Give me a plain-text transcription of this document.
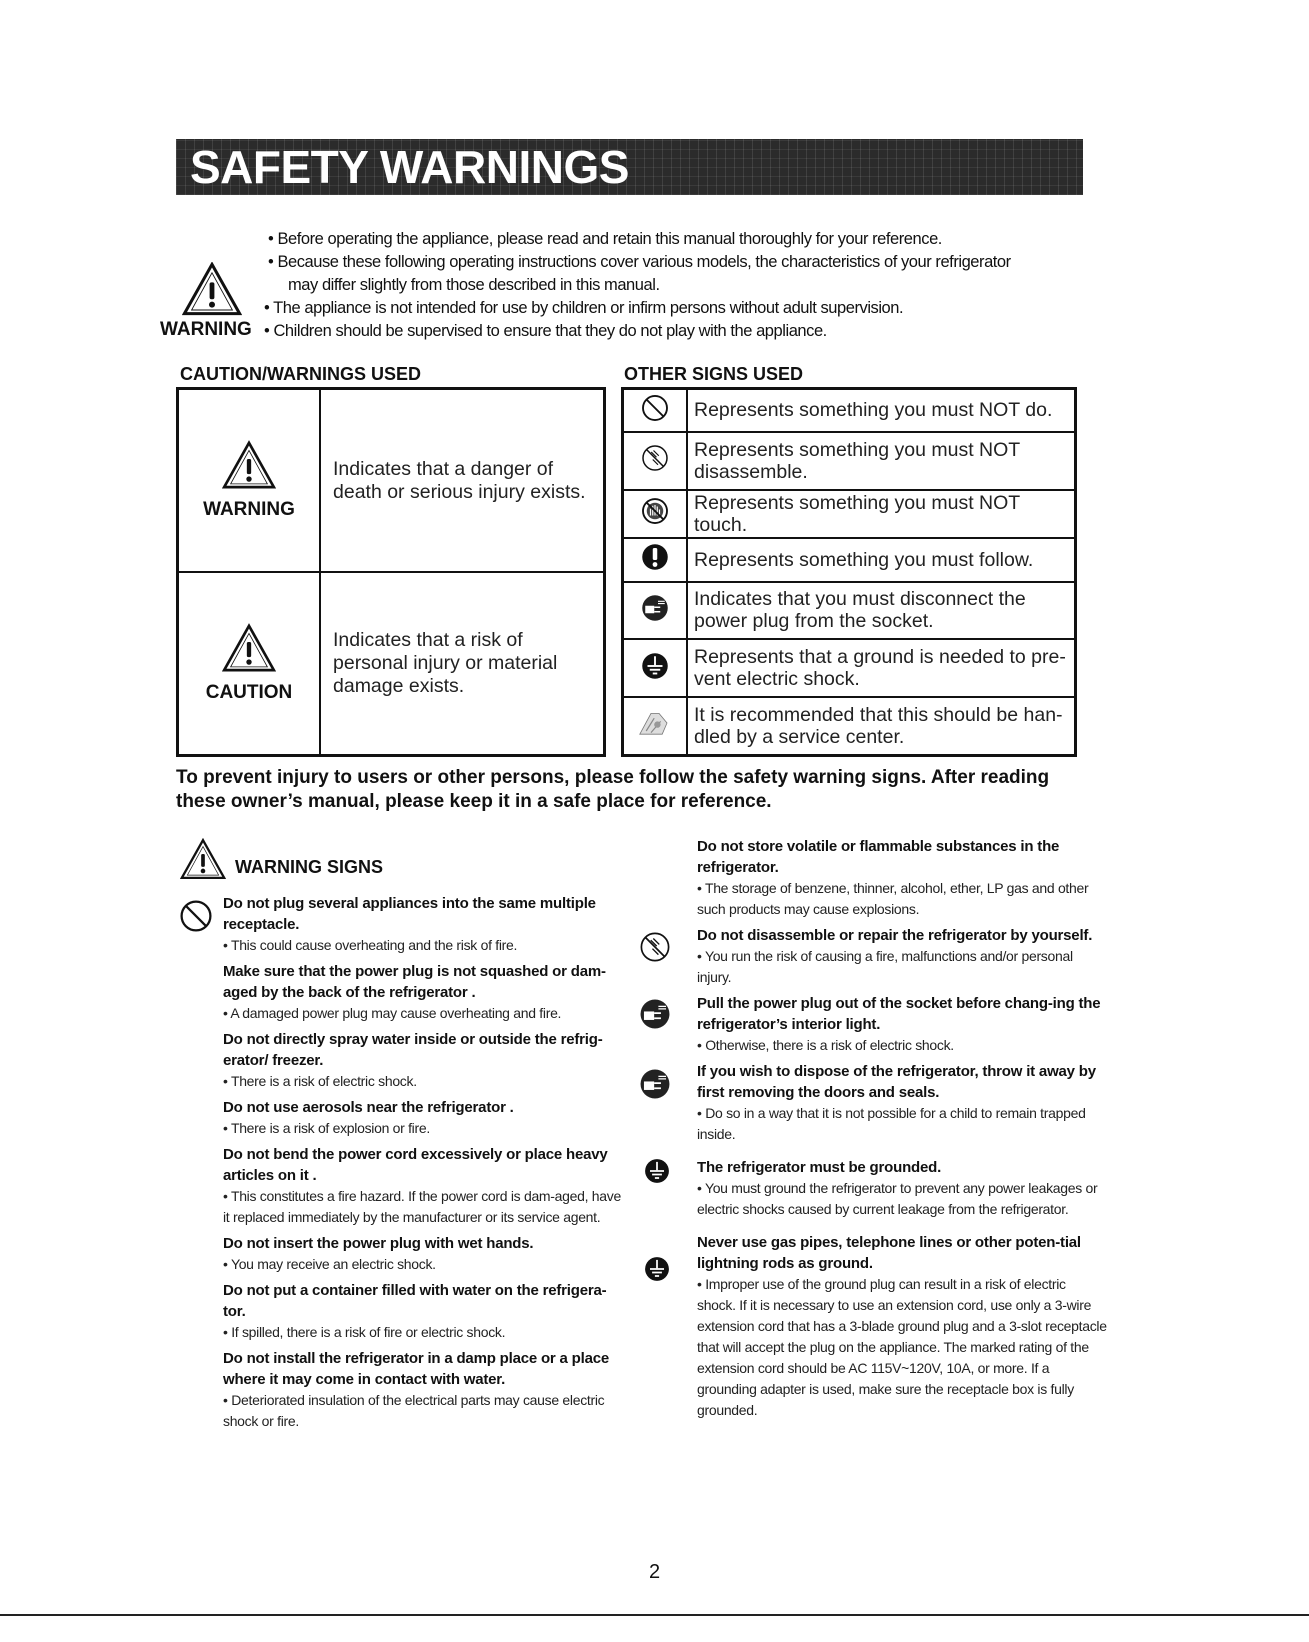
SAFETY WARNINGS
WARNING
• Before operating the appliance, please read and retain this manual thoroughly for your reference.
• Because these following operating instructions cover various models, the characteristics of your refrigerator
may differ slightly from those described in this manual.
• The appliance is not intended for use by children or infirm persons without adult supervision.
• Children should be supervised to ensure that they do not play with the appliance.
CAUTION/WARNINGS USED	OTHER SIGNS USED
WARNING	Indicates that a danger of death or serious injury exists.

CAUTION	Indicates that a risk of personal injury or material damage exists.
	Represents something you must NOT do.
	Represents something you must NOT disassemble.
	Represents something you must NOT touch.
	Represents something you must follow.
	Indicates that you must disconnect the power plug from the socket.
	Represents that a ground is needed to pre-vent electric shock.
	It is recommended that this should be han-dled by a service center.
To prevent injury to users or other persons, please follow the safety warning signs. After reading these owner’s manual, please keep it in a safe place for reference.
WARNING SIGNS
Do not plug several appliances into the same multiple receptacle.
• This could cause overheating and the risk of fire.
Make sure that the power plug is not squashed or dam-aged by the back of the refrigerator .
• A damaged power plug may cause overheating and fire.
Do not directly spray water inside or outside the refrig-erator/ freezer.
• There is a risk of electric shock.
Do not use aerosols near the refrigerator .
• There is a risk of explosion or fire.
Do not bend the power cord excessively or place heavy articles on it .
• This constitutes a fire hazard. If the power cord is dam-aged, have it replaced immediately by the manufacturer or its service agent.
Do not insert the power plug with wet hands.
• You may receive an electric shock.
Do not put a container filled with water on the refrigera-tor.
• If spilled, there is a risk of fire or electric shock.
Do not install the refrigerator in a damp place or a place where it may come in contact with water.
• Deteriorated insulation of the electrical parts may cause electric shock or fire.
Do not store volatile or flammable substances in the refrigerator.
• The storage of benzene, thinner, alcohol, ether, LP gas and other such products may cause explosions.
Do not disassemble or repair the refrigerator by yourself.
• You run the risk of causing a fire, malfunctions and/or personal injury.
Pull the power plug out of the socket before chang-ing the refrigerator’s interior light.
• Otherwise, there is a risk of electric shock.
If you wish to dispose of the refrigerator, throw it away by first removing the doors and seals.
• Do so in a way that it is not possible for a child to remain trapped inside.
The refrigerator must be grounded.
• You must ground the refrigerator to prevent any power leakages or electric shocks caused by current leakage from the refrigerator.
Never use gas pipes, telephone lines or other poten-tial lightning rods as ground.
• Improper use of the ground plug can result in a risk of electric shock. If it is necessary to use an extension cord, use only a 3-wire extension cord that has a 3-blade ground plug and a 3-slot receptacle that will accept the plug on the appliance. The marked rating of the extension cord should be AC 115V~120V, 10A, or more. If a grounding adapter is used, make sure the receptacle box is fully grounded.
2
